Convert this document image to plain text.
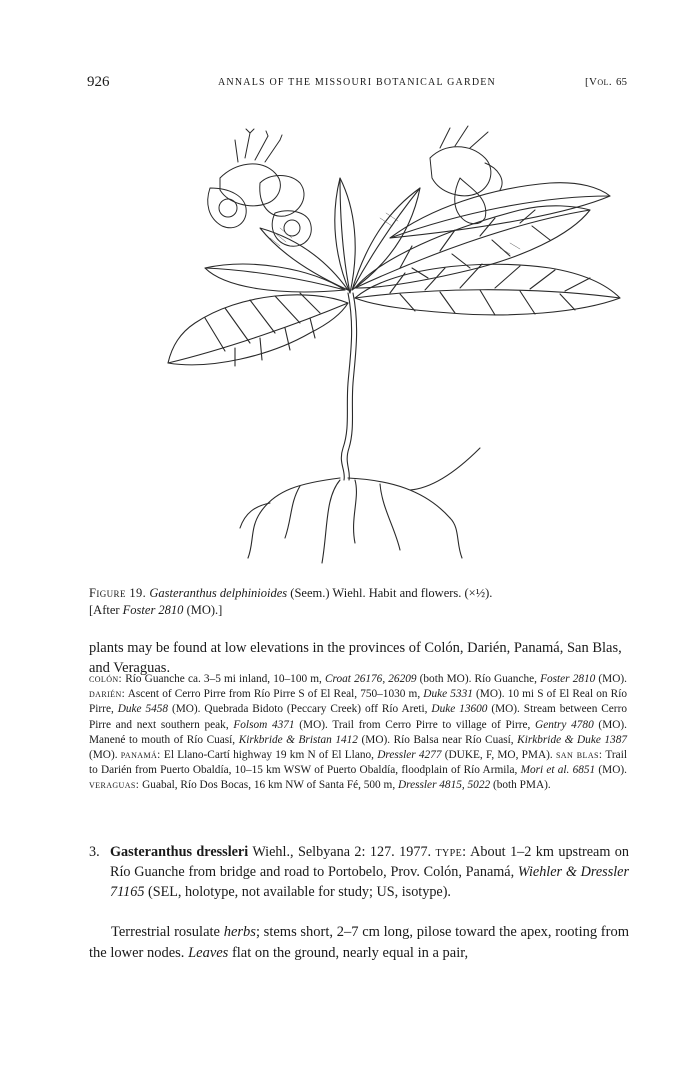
926	ANNALS OF THE MISSOURI BOTANICAL GARDEN	[Vol. 65
Figure 19. Gasteranthus delphinioides (Seem.) Wiehl. Habit and flowers. (×½).
[After Foster 2810 (MO).]
plants may be found at low elevations in the provinces of Colón, Darién, Panamá, San Blas, and Veraguas.
colón: Río Guanche ca. 3–5 mi inland, 10–100 m, Croat 26176, 26209 (both MO). Río Guanche, Foster 2810 (MO). darién: Ascent of Cerro Pirre from Río Pirre S of El Real, 750–1030 m, Duke 5331 (MO). 10 mi S of El Real on Río Pirre, Duke 5458 (MO). Quebrada Bidoto (Peccary Creek) off Río Areti, Duke 13600 (MO). Stream between Cerro Pirre and next southern peak, Folsom 4371 (MO). Trail from Cerro Pirre to village of Pirre, Gentry 4780 (MO). Manené to mouth of Río Cuasí, Kirkbride & Bristan 1412 (MO). Río Balsa near Río Cuasí, Kirkbride & Duke 1387 (MO). panamá: El Llano-Cartí highway 19 km N of El Llano, Dressler 4277 (DUKE, F, MO, PMA). san blas: Trail to Darién from Puerto Obaldía, 10–15 km WSW of Puerto Obaldía, floodplain of Río Armila, Mori et al. 6851 (MO). veraguas: Guabal, Río Dos Bocas, 16 km NW of Santa Fé, 500 m, Dressler 4815, 5022 (both PMA).
3. Gasteranthus dressleri Wiehl., Selbyana 2: 127. 1977. type: About 1–2 km upstream on Río Guanche from bridge and road to Portobelo, Prov. Colón, Panamá, Wiehler & Dressler 71165 (SEL, holotype, not available for study; US, isotype).
Terrestrial rosulate herbs; stems short, 2–7 cm long, pilose toward the apex, rooting from the lower nodes. Leaves flat on the ground, nearly equal in a pair,
